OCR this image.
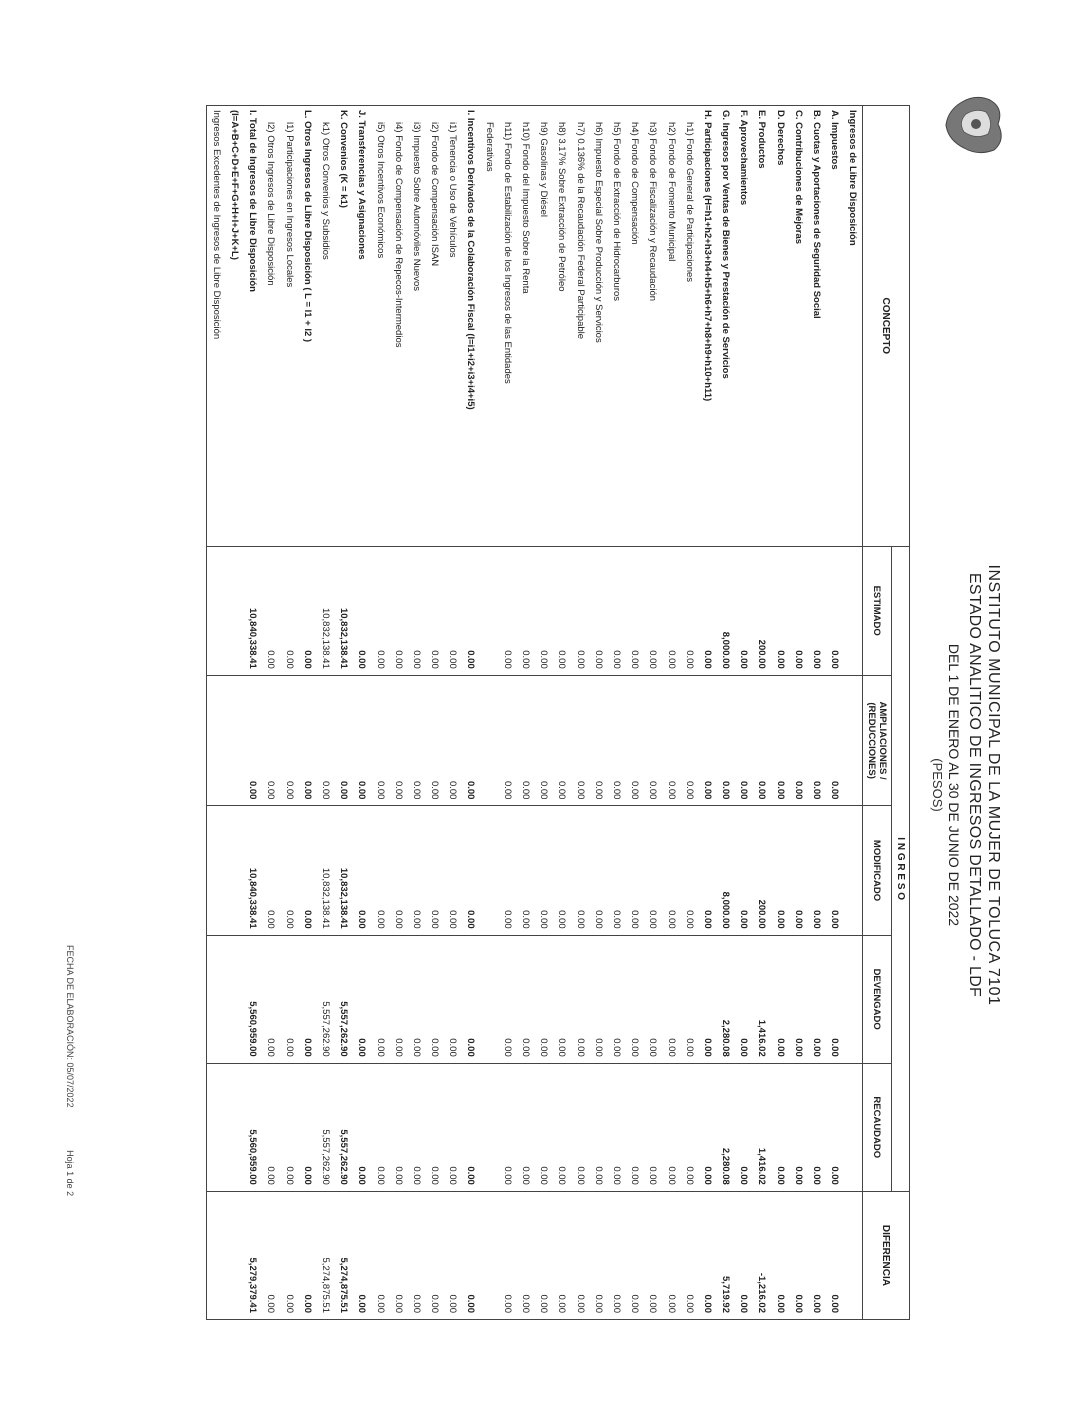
INSTITUTO MUNICIPAL DE LA MUJER DE TOLUCA 7101
ESTADO ANALITICO DE INGRESOS DETALLADO - LDF
DEL 1 DE ENERO AL 30 DE JUNIO DE 2022
(PESOS)
CONCEPTO	I N G R E S O					DIFERENCIA
	ESTIMADO	AMPLIACIONES / (REDUCCIONES)	MODIFICADO	DEVENGADO	RECAUDADO	
Ingresos de Libre Disposición						
A. Impuestos	0.00	0.00	0.00	0.00	0.00	0.00
B. Cuotas y Aportaciones de Seguridad Social	0.00	0.00	0.00	0.00	0.00	0.00
C. Contribuciones de Mejoras	0.00	0.00	0.00	0.00	0.00	0.00
D. Derechos	0.00	0.00	0.00	0.00	0.00	0.00
E. Productos	200.00	0.00	200.00	1,416.02	1,416.02	-1,216.02
F. Aprovechamientos	0.00	0.00	0.00	0.00	0.00	0.00
G. Ingresos por Ventas de Bienes y Prestación de Servicios	8,000.00	0.00	8,000.00	2,280.08	2,280.08	5,719.92
H. Participaciones (H=h1+h2+h3+h4+h5+h6+h7+h8+h9+h10+h11)	0.00	0.00	0.00	0.00	0.00	0.00
h1) Fondo General de Participaciones	0.00	0.00	0.00	0.00	0.00	0.00
h2) Fondo de Fomento Municipal	0.00	0.00	0.00	0.00	0.00	0.00
h3) Fondo de Fiscalización y Recaudación	0.00	0.00	0.00	0.00	0.00	0.00
h4) Fondo de Compensación	0.00	0.00	0.00	0.00	0.00	0.00
h5) Fondo de Extracción de Hidrocarburos	0.00	0.00	0.00	0.00	0.00	0.00
h6) Impuesto Especial Sobre Producción y Servicios	0.00	0.00	0.00	0.00	0.00	0.00
h7) 0.136% de la Recaudación Federal Participable	0.00	0.00	0.00	0.00	0.00	0.00
h8) 3.17% Sobre Extracción de Petróleo	0.00	0.00	0.00	0.00	0.00	0.00
h9) Gasolinas y Diésel	0.00	0.00	0.00	0.00	0.00	0.00
h10) Fondo del Impuesto Sobre la Renta	0.00	0.00	0.00	0.00	0.00	0.00
h11) Fondo de Estabilización de los Ingresos de las Entidades	0.00	0.00	0.00	0.00	0.00	0.00
Federativas						
I. Incentivos Derivados de la Colaboración Fiscal (I=i1+i2+i3+i4+i5)	0.00	0.00	0.00	0.00	0.00	0.00
i1) Tenencia o Uso de Vehículos	0.00	0.00	0.00	0.00	0.00	0.00
i2) Fondo de Compensación ISAN	0.00	0.00	0.00	0.00	0.00	0.00
i3) Impuesto Sobre Automóviles Nuevos	0.00	0.00	0.00	0.00	0.00	0.00
i4) Fondo de Compensación de Repecos-Intermedios	0.00	0.00	0.00	0.00	0.00	0.00
i5) Otros Incentivos Económicos	0.00	0.00	0.00	0.00	0.00	0.00
J. Transferencias y Asignaciones	0.00	0.00	0.00	0.00	0.00	0.00
K. Convenios (K = k1)	10,832,138.41	0.00	10,832,138.41	5,557,262.90	5,557,262.90	5,274,875.51
k1) Otros Convenios y Subsidios	10,832,138.41	0.00	10,832,138.41	5,557,262.90	5,557,262.90	5,274,875.51
L. Otros Ingresos de Libre Disposición ( L = l1 + l2 )	0.00	0.00	0.00	0.00	0.00	0.00
l1) Participaciones en Ingresos Locales	0.00	0.00	0.00	0.00	0.00	0.00
l2) Otros Ingresos de Libre Disposición	0.00	0.00	0.00	0.00	0.00	0.00
I. Total de Ingresos de Libre Disposición	10,840,338.41	0.00	10,840,338.41	5,560,959.00	5,560,959.00	5,279,379.41
(I=A+B+C+D+E+F+G+H+I+J+K+L)						
Ingresos Excedentes de Ingresos de Libre Disposición						
FECHA DE ELABORACIÓN: 05/07/2022 Hoja 1 de 2
